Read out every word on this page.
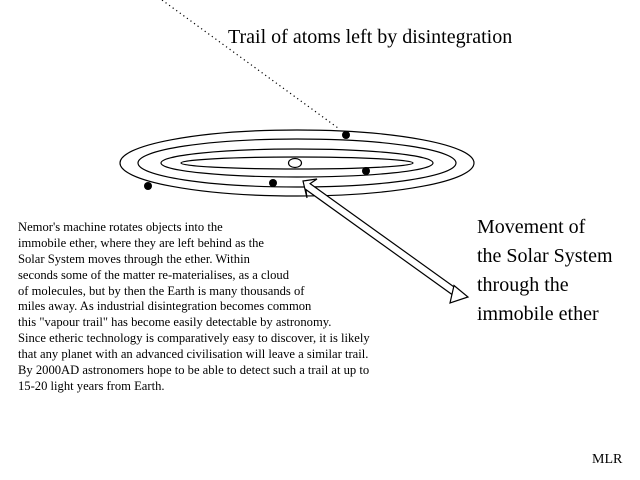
Trail of atoms left by disintegration
Movement of
the Solar System
through the
immobile ether
Nemor's machine rotates objects into the
immobile ether, where they are left behind as the
Solar System moves through the ether. Within
seconds some of the matter re-materialises, as a cloud
of molecules, but by then the Earth is many thousands of
miles away. As industrial disintegration becomes common
this "vapour trail" has become easily detectable by astronomy.
Since etheric technology is comparatively easy to discover, it is likely
that any planet with an advanced civilisation will leave a similar trail.
By 2000AD astronomers hope to be able to detect such a trail at up to
15-20 light years from Earth.
MLR
